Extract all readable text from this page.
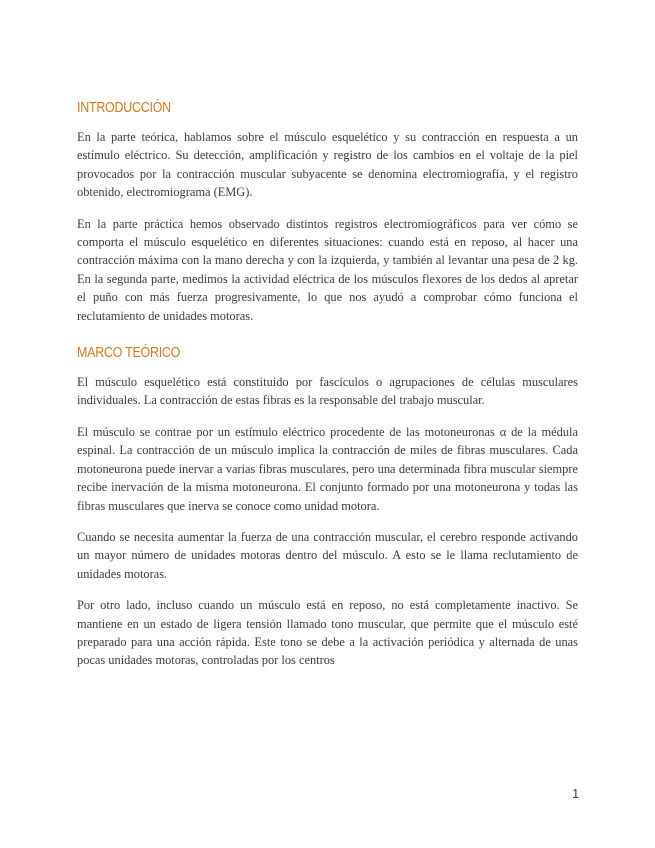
INTRODUCCIÓN

En la parte teórica, hablamos sobre el músculo esquelético y su contracción en respuesta a un estímulo eléctrico. Su detección, amplificación y registro de los cambios en el voltaje de la piel provocados por la contracción muscular subyacente se denomina electromiografía, y el registro obtenido, electromiograma (EMG).

En la parte práctica hemos observado distintos registros electromiográficos para ver cómo se comporta el músculo esquelético en diferentes situaciones: cuando está en reposo, al hacer una contracción máxima con la mano derecha y con la izquierda, y también al levantar una pesa de 2 kg. En la segunda parte, medimos la actividad eléctrica de los músculos flexores de los dedos al apretar el puño con más fuerza progresivamente, lo que nos ayudó a comprobar cómo funciona el reclutamiento de unidades motoras.

MARCO TEÓRICO

El músculo esquelético está constituido por fascículos o agrupaciones de células musculares individuales. La contracción de estas fibras es la responsable del trabajo muscular.

El músculo se contrae por un estímulo eléctrico procedente de las motoneuronas α de la médula espinal. La contracción de un músculo implica la contracción de miles de fibras musculares. Cada motoneurona puede inervar a varias fibras musculares, pero una determinada fibra muscular siempre recibe inervación de la misma motoneurona. El conjunto formado por una motoneurona y todas las fibras musculares que inerva se conoce como unidad motora.

Cuando se necesita aumentar la fuerza de una contracción muscular, el cerebro responde activando un mayor número de unidades motoras dentro del músculo. A esto se le llama reclutamiento de unidades motoras.

Por otro lado, incluso cuando un músculo está en reposo, no está completamente inactivo. Se mantiene en un estado de ligera tensión llamado tono muscular, que permite que el músculo esté preparado para una acción rápida. Este tono se debe a la activación periódica y alternada de unas pocas unidades motoras, controladas por los centros

1
